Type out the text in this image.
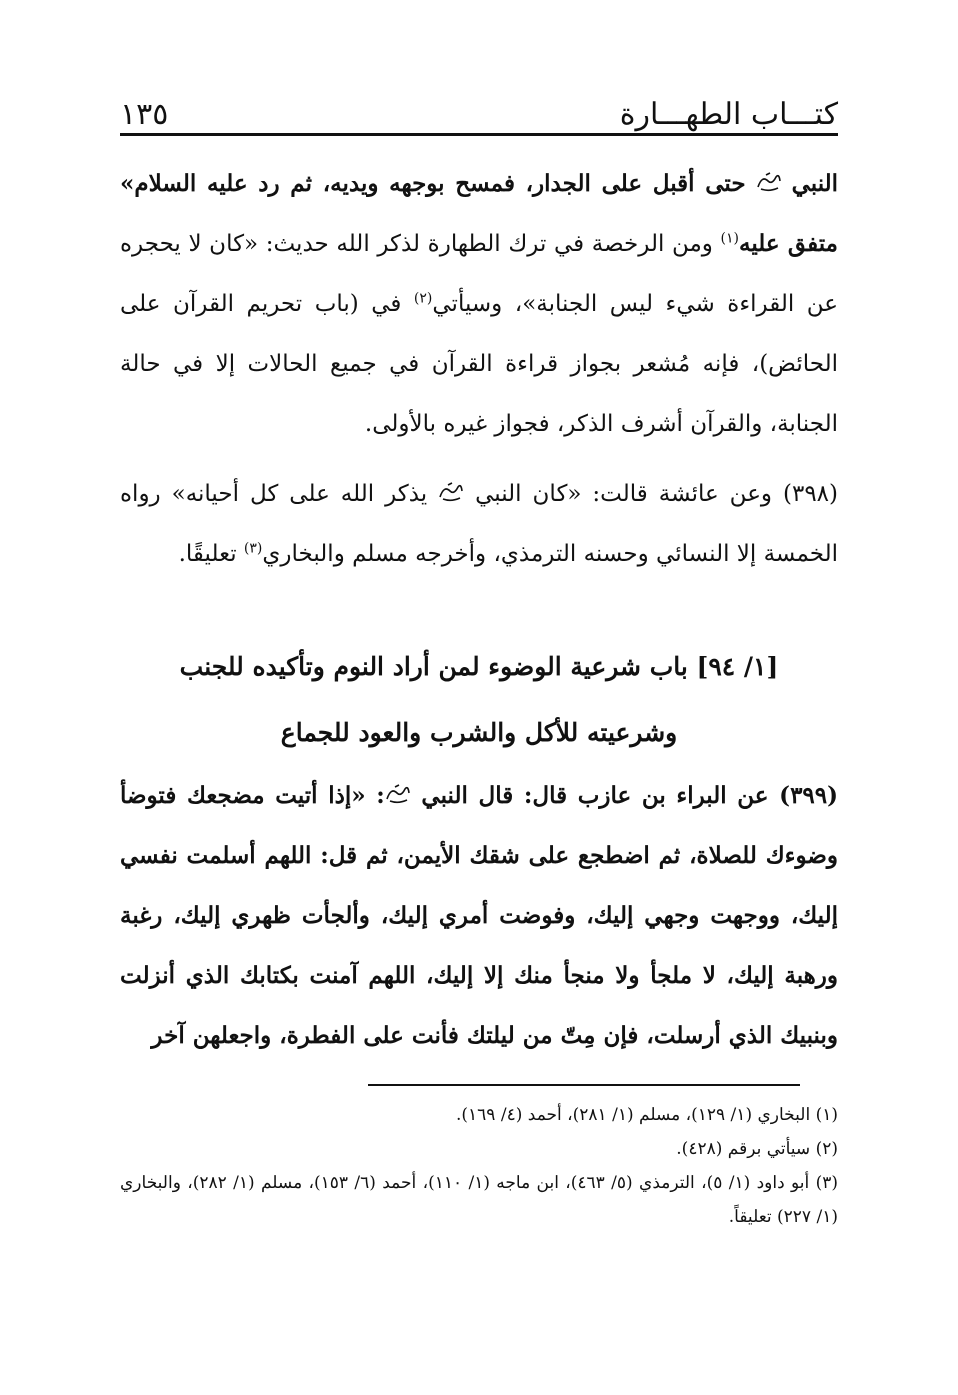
كتـــاب الطهـــارة
١٣٥

النبي  حتى أقبل على الجدار، فمسح بوجهه ويديه، ثم رد عليه السلام» متفق عليه$^{(١)}$ ومن الرخصة في ترك الطهارة لذكر الله حديث: «كان لا يحجره عن القراءة شيء ليس الجنابة»، وسيأتي$^{(٢)}$ في (باب تحريم القرآن على الحائض)، فإنه مُشعر بجواز قراءة القرآن في جميع الحالات إلا في حالة الجنابة، والقرآن أشرف الذكر، فجواز غيره بالأولى.

(٣٩٨) وعن عائشة قالت: «كان النبي  يذكر الله على كل أحيانه» رواه الخمسة إلا النسائي وحسنه الترمذي، وأخرجه مسلم والبخاري$^{(٣)}$ تعليقًا.

[١/ ٩٤] باب شرعية الوضوء لمن أراد النوم وتأكيده للجنب
وشرعيته للأكل والشرب والعود للجماع

(٣٩٩) عن البراء بن عازب قال: قال النبي : «إذا أتيت مضجعك فتوضأ وضوءك للصلاة، ثم اضطجع على شقك الأيمن، ثم قل: اللهم أسلمت نفسي إليك، ووجهت وجهي إليك، وفوضت أمري إليك، وألجأت ظهري إليك، رغبة ورهبة إليك، لا ملجأ ولا منجأ منك إلا إليك، اللهم آمنت بكتابك الذي أنزلت وبنبيك الذي أرسلت، فإن مِتّ من ليلتك فأنت على الفطرة، واجعلهن آخر

(١) البخاري (١/ ١٢٩)، مسلم (١/ ٢٨١)، أحمد (٤/ ١٦٩).

(٢) سيأتي برقم (٤٢٨).

(٣) أبو داود (١/ ٥)، الترمذي (٥/ ٤٦٣)، ابن ماجه (١/ ١١٠)، أحمد (٦/ ١٥٣)، مسلم (١/ ٢٨٢)، والبخاري (١/ ٢٢٧) تعليقاً.
